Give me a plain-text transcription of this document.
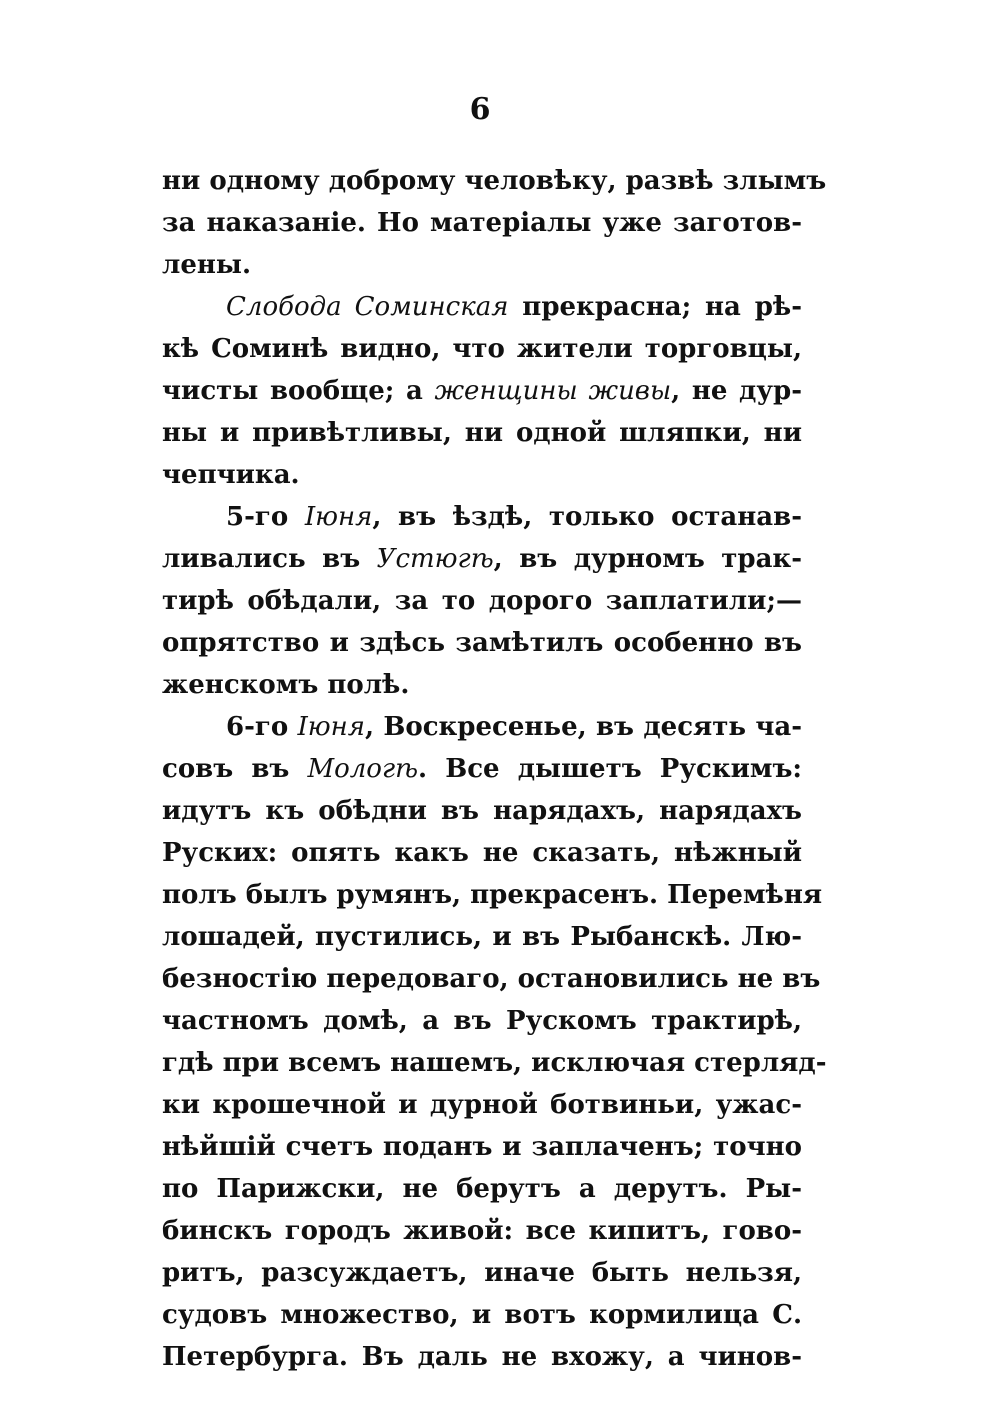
6
ни одному доброму человѣку, развѣ злымъ
за наказаніе. Но матеріалы уже заготов-
лены.
Слобода Соминская прекрасна; на рѣ-
кѣ Соминѣ видно, что жители торговцы,
чисты вообще; а женщины живы, не дур-
ны и привѣтливы, ни одной шляпки, ни
чепчика.
5-го Іюня, въ ѣздѣ, только останав-
ливались въ Устюгѣ, въ дурномъ трак-
тирѣ обѣдали, за то дорого заплатили;—
опрятство и здѣсь замѣтилъ особенно въ
женскомъ полѣ.
6-го Іюня, Воскресенье, въ десять ча-
совъ въ Мологѣ. Все дышетъ Рускимъ:
идутъ къ обѣдни въ нарядахъ, нарядахъ
Руских: опять какъ не сказать, нѣжный
полъ былъ румянъ, прекрасенъ. Перемѣня
лошадей, пустились, и въ Рыбанскѣ. Лю-
безностію передоваго, остановились не въ
частномъ домѣ, а въ Рускомъ трактирѣ,
гдѣ при всемъ нашемъ, исключая стерляд-
ки крошечной и дурной ботвиньи, ужас-
нѣйшій счетъ поданъ и заплаченъ; точно
по Парижски, не берутъ а дерутъ. Ры-
бинскъ городъ живой: все кипитъ, гово-
ритъ, разсуждаетъ, иначе быть нельзя,
судовъ множество, и вотъ кормилица С.
Петербурга. Въ даль не вхожу, а чинов-
